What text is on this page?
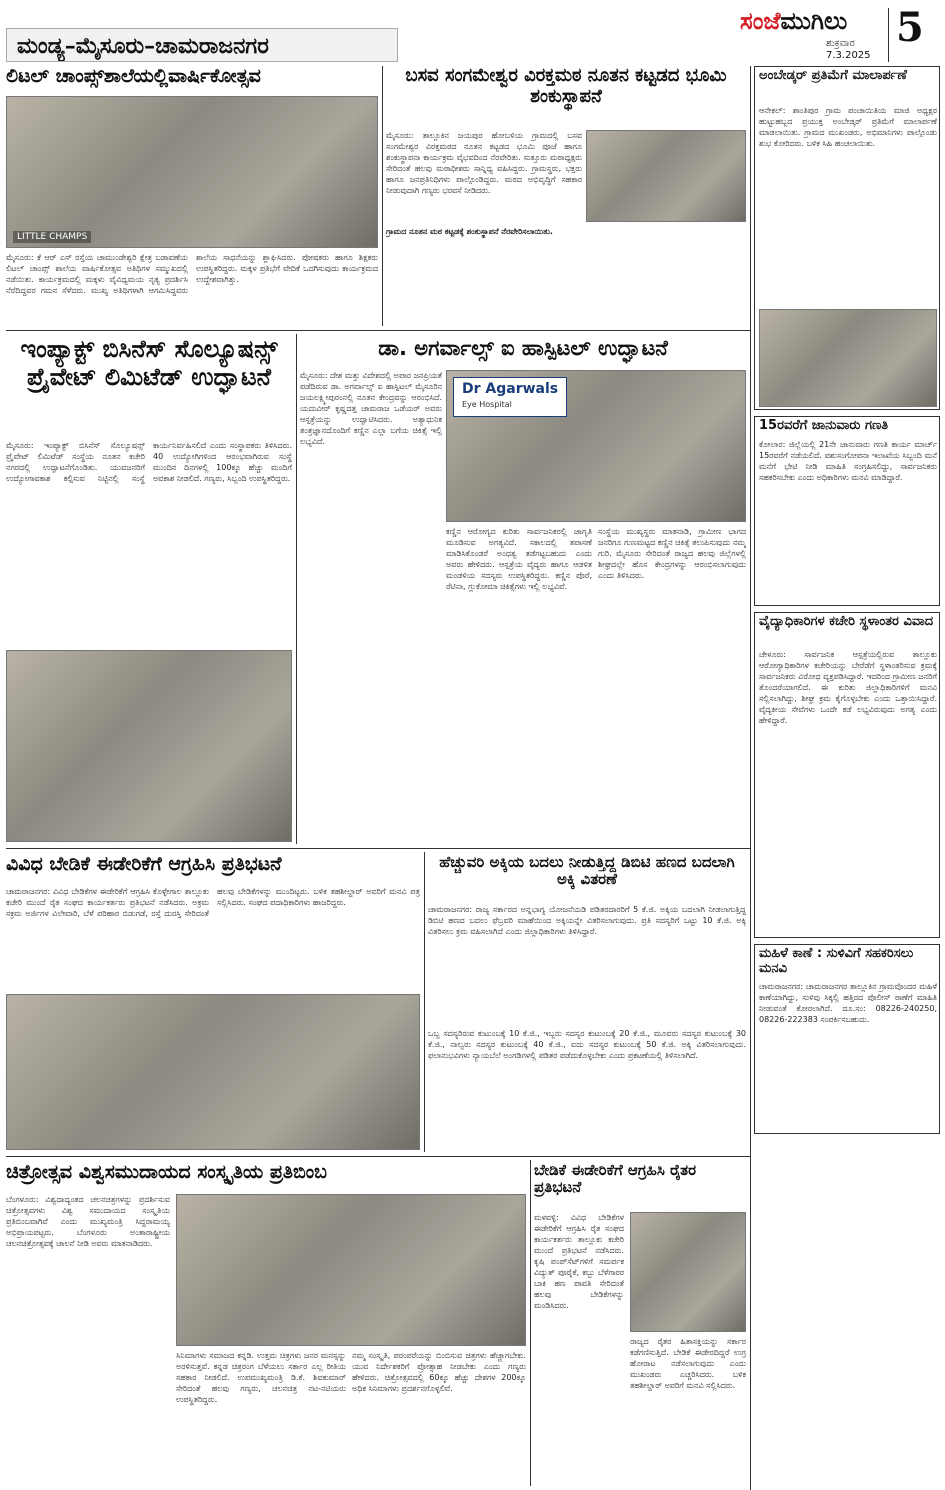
ಮಂಡ್ಯ–ಮೈಸೂರು–ಚಾಮರಾಜನಗರ
ಸಂಜೆಮುಗಿಲು
ಶುಕ್ರವಾರ
7.3.2025
5
ಲಿಟಲ್ ಚಾಂಪ್ಸ್‌ಶಾಲೆಯಲ್ಲಿವಾರ್ಷಿಕೋತ್ಸವ
LITTLE CHAMPS
ಮೈಸೂರು: ಕೆ ಆರ್ ಎಸ್ ರಸ್ತೆಯ ಚಾಮುಂಡೇಶ್ವರಿ ಕ್ಷೇತ್ರ ಬಡಾವಣೆಯ ಲಿಟಲ್ ಚಾಂಪ್ಸ್ ಶಾಲೆಯ ವಾರ್ಷಿಕೋತ್ಸವ ಅತಿಥಿಗಳ ಸಮ್ಮುಖದಲ್ಲಿ ನಡೆಯಿತು. ಕಾರ್ಯಕ್ರಮದಲ್ಲಿ ಮಕ್ಕಳು ವೈವಿಧ್ಯಮಯ ನೃತ್ಯ ಪ್ರದರ್ಶಿಸಿ ನೆರೆದಿದ್ದವರ ಗಮನ ಸೆಳೆದರು. ಮುಖ್ಯ ಅತಿಥಿಗಳಾಗಿ ಆಗಮಿಸಿದ್ದವರು ಶಾಲೆಯ ಸಾಧನೆಯನ್ನು ಶ್ಲಾಘಿಸಿದರು. ಪೋಷಕರು ಹಾಗೂ ಶಿಕ್ಷಕರು ಉಪಸ್ಥಿತರಿದ್ದರು. ಮಕ್ಕಳ ಪ್ರತಿಭೆಗೆ ವೇದಿಕೆ ಒದಗಿಸುವುದು ಕಾರ್ಯಕ್ರಮದ ಉದ್ದೇಶವಾಗಿತ್ತು.
ಬಸವ ಸಂಗಮೇಶ್ವರ ವಿರಕ್ತಮಠ ನೂತನ ಕಟ್ಟಡದ ಭೂಮಿ ಶಂಕುಸ್ಥಾಪನೆ
ಮೈಸೂರು: ತಾಲ್ಲೂಕಿನ ಜಯಪುರ ಹೋಬಳಿಯ ಗ್ರಾಮದಲ್ಲಿ ಬಸವ ಸಂಗಮೇಶ್ವರ ವಿರಕ್ತಮಠದ ನೂತನ ಕಟ್ಟಡದ ಭೂಮಿ ಪೂಜೆ ಹಾಗೂ ಶಂಕುಸ್ಥಾಪನಾ ಕಾರ್ಯಕ್ರಮ ವೈಭವದಿಂದ ನೆರವೇರಿತು. ಸುತ್ತೂರು ಮಠಾಧ್ಯಕ್ಷರು ಸೇರಿದಂತೆ ಹಲವು ಮಠಾಧೀಶರು ಸಾನ್ನಿಧ್ಯ ವಹಿಸಿದ್ದರು. ಗ್ರಾಮಸ್ಥರು, ಭಕ್ತರು ಹಾಗೂ ಜನಪ್ರತಿನಿಧಿಗಳು ಪಾಲ್ಗೊಂಡಿದ್ದರು. ಮಠದ ಅಭಿವೃದ್ಧಿಗೆ ಸಹಕಾರ ನೀಡುವುದಾಗಿ ಗಣ್ಯರು ಭರವಸೆ ನೀಡಿದರು.
ಗ್ರಾಮದ ನೂತನ ಮಠ ಕಟ್ಟಡಕ್ಕೆ ಶಂಕುಸ್ಥಾಪನೆ ನೆರವೇರಿಸಲಾಯಿತು.
ಅಂಬೇಡ್ಕರ್ ಪ್ರತಿಮೆಗೆ ಮಾಲಾರ್ಪಣೆ
ಆನೇಕಲ್: ಶಾಂತಿಪುರ ಗ್ರಾಮ ಪಂಚಾಯಿತಿಯ ಮಾಜಿ ಅಧ್ಯಕ್ಷರ ಹುಟ್ಟುಹಬ್ಬದ ಪ್ರಯುಕ್ತ ಅಂಬೇಡ್ಕರ್ ಪ್ರತಿಮೆಗೆ ಮಾಲಾರ್ಪಣೆ ಮಾಡಲಾಯಿತು. ಗ್ರಾಮದ ಮುಖಂಡರು, ಅಭಿಮಾನಿಗಳು ಪಾಲ್ಗೊಂಡು ಶುಭ ಕೋರಿದರು. ಬಳಿಕ ಸಿಹಿ ಹಂಚಲಾಯಿತು.
15ರವರೆಗೆ ಜಾನುವಾರು ಗಣತಿ
ಕೋಲಾರ: ಜಿಲ್ಲೆಯಲ್ಲಿ 21ನೇ ಜಾನುವಾರು ಗಣತಿ ಕಾರ್ಯ ಮಾರ್ಚ್ 15ರವರೆಗೆ ನಡೆಯಲಿದೆ. ಪಶುಸಂಗೋಪನಾ ಇಲಾಖೆಯ ಸಿಬ್ಬಂದಿ ಮನೆ ಮನೆಗೆ ಭೇಟಿ ನೀಡಿ ಮಾಹಿತಿ ಸಂಗ್ರಹಿಸಲಿದ್ದು, ಸಾರ್ವಜನಿಕರು ಸಹಕರಿಸಬೇಕು ಎಂದು ಅಧಿಕಾರಿಗಳು ಮನವಿ ಮಾಡಿದ್ದಾರೆ.
ವೈದ್ಯಾಧಿಕಾರಿಗಳ ಕಚೇರಿ ಸ್ಥಳಾಂತರ ವಿವಾದ
ಚೇಳೂರು: ಸಾರ್ವಜನಿಕ ಆಸ್ಪತ್ರೆಯಲ್ಲಿರುವ ತಾಲ್ಲೂಕು ಆರೋಗ್ಯಾಧಿಕಾರಿಗಳ ಕಚೇರಿಯನ್ನು ಬೇರೆಡೆಗೆ ಸ್ಥಳಾಂತರಿಸುವ ಕ್ರಮಕ್ಕೆ ಸಾರ್ವಜನಿಕರು ವಿರೋಧ ವ್ಯಕ್ತಪಡಿಸಿದ್ದಾರೆ. ಇದರಿಂದ ಗ್ರಾಮೀಣ ಜನರಿಗೆ ತೊಂದರೆಯಾಗಲಿದೆ. ಈ ಕುರಿತು ಜಿಲ್ಲಾಧಿಕಾರಿಗಳಿಗೆ ಮನವಿ ಸಲ್ಲಿಸಲಾಗಿದ್ದು, ಶೀಘ್ರ ಕ್ರಮ ಕೈಗೊಳ್ಳಬೇಕು ಎಂದು ಒತ್ತಾಯಿಸಿದ್ದಾರೆ. ವೈದ್ಯಕೀಯ ಸೇವೆಗಳು ಒಂದೇ ಕಡೆ ಲಭ್ಯವಿರುವುದು ಅಗತ್ಯ ಎಂದು ಹೇಳಿದ್ದಾರೆ.
ಮಹಿಳೆ ಕಾಣೆ : ಸುಳಿವಿಗೆ ಸಹಕರಿಸಲು ಮನವಿ
ಚಾಮರಾಜನಗರ: ಚಾಮರಾಜನಗರ ತಾಲ್ಲೂಕಿನ ಗ್ರಾಮವೊಂದರ ಮಹಿಳೆ ಕಾಣೆಯಾಗಿದ್ದು, ಸುಳಿವು ಸಿಕ್ಕಲ್ಲಿ ಹತ್ತಿರದ ಪೊಲೀಸ್ ಠಾಣೆಗೆ ಮಾಹಿತಿ ನೀಡುವಂತೆ ಕೋರಲಾಗಿದೆ. ದೂ.ಸಂ: 08226-240250, 08226-222383 ಸಂಪರ್ಕಿಸಬಹುದು.
ಇಂಪ್ಯಾಕ್ಟ್ ಬಿಸಿನೆಸ್ ಸೊಲ್ಯೂಷನ್ಸ್ ಪ್ರೈವೇಟ್ ಲಿಮಿಟೆಡ್ ಉದ್ಘಾಟನೆ
ಮೈಸೂರು: ಇಂಪ್ಯಾಕ್ಟ್ ಬಿಸಿನೆಸ್ ಸೊಲ್ಯೂಷನ್ಸ್ ಪ್ರೈವೇಟ್ ಲಿಮಿಟೆಡ್ ಸಂಸ್ಥೆಯ ನೂತನ ಕಚೇರಿ ನಗರದಲ್ಲಿ ಉದ್ಘಾಟನೆಗೊಂಡಿತು. ಯುವಜನರಿಗೆ ಉದ್ಯೋಗಾವಕಾಶ ಕಲ್ಪಿಸುವ ನಿಟ್ಟಿನಲ್ಲಿ ಸಂಸ್ಥೆ ಕಾರ್ಯನಿರ್ವಹಿಸಲಿದೆ ಎಂದು ಸಂಸ್ಥಾಪಕರು ತಿಳಿಸಿದರು. 40 ಉದ್ಯೋಗಿಗಳಿಂದ ಆರಂಭವಾಗಿರುವ ಸಂಸ್ಥೆ ಮುಂದಿನ ದಿನಗಳಲ್ಲಿ 100ಕ್ಕೂ ಹೆಚ್ಚು ಮಂದಿಗೆ ಅವಕಾಶ ನೀಡಲಿದೆ. ಗಣ್ಯರು, ಸಿಬ್ಬಂದಿ ಉಪಸ್ಥಿತರಿದ್ದರು.
ಡಾ. ಅಗರ್ವಾಲ್ಸ್ ಐ ಹಾಸ್ಪಿಟಲ್ ಉದ್ಘಾಟನೆ
ಮೈಸೂರು: ದೇಶ ಮತ್ತು ವಿದೇಶದಲ್ಲಿ ಅಪಾರ ಜನಪ್ರಿಯತೆ ಪಡೆದಿರುವ ಡಾ. ಅಗರ್ವಾಲ್ಸ್ ಐ ಹಾಸ್ಪಿಟಲ್ ಮೈಸೂರಿನ ಜಯಲಕ್ಷ್ಮೀಪುರಂನಲ್ಲಿ ನೂತನ ಕೇಂದ್ರವನ್ನು ಆರಂಭಿಸಿದೆ. ಯದುವೀರ್ ಕೃಷ್ಣದತ್ತ ಚಾಮರಾಜ ಒಡೆಯರ್ ಅವರು ಆಸ್ಪತ್ರೆಯನ್ನು ಉದ್ಘಾಟಿಸಿದರು. ಅತ್ಯಾಧುನಿಕ ತಂತ್ರಜ್ಞಾನದೊಂದಿಗೆ ಕಣ್ಣಿನ ಎಲ್ಲಾ ಬಗೆಯ ಚಿಕಿತ್ಸೆ ಇಲ್ಲಿ ಲಭ್ಯವಿದೆ.
Dr Agarwals
Eye Hospital
ಕಣ್ಣಿನ ಆರೋಗ್ಯದ ಕುರಿತು ಸಾರ್ವಜನಿಕರಲ್ಲಿ ಜಾಗೃತಿ ಮೂಡಿಸುವ ಅಗತ್ಯವಿದೆ. ಸಕಾಲದಲ್ಲಿ ತಪಾಸಣೆ ಮಾಡಿಸಿಕೊಂಡರೆ ಅಂಧತ್ವ ತಡೆಗಟ್ಟಬಹುದು ಎಂದು ಅವರು ಹೇಳಿದರು. ಆಸ್ಪತ್ರೆಯ ವೈದ್ಯರು ಹಾಗೂ ಆಡಳಿತ ಮಂಡಳಿಯ ಸದಸ್ಯರು ಉಪಸ್ಥಿತರಿದ್ದರು. ಕಣ್ಣಿನ ಪೊರೆ, ರೆಟಿನಾ, ಗ್ಲುಕೋಮಾ ಚಿಕಿತ್ಸೆಗಳು ಇಲ್ಲಿ ಲಭ್ಯವಿವೆ.
ಸಂಸ್ಥೆಯ ಮುಖ್ಯಸ್ಥರು ಮಾತನಾಡಿ, ಗ್ರಾಮೀಣ ಭಾಗದ ಜನರಿಗೂ ಗುಣಮಟ್ಟದ ಕಣ್ಣಿನ ಚಿಕಿತ್ಸೆ ತಲುಪಿಸುವುದು ನಮ್ಮ ಗುರಿ. ಮೈಸೂರು ಸೇರಿದಂತೆ ರಾಜ್ಯದ ಹಲವು ಜಿಲ್ಲೆಗಳಲ್ಲಿ ಶೀಘ್ರದಲ್ಲೇ ಹೊಸ ಕೇಂದ್ರಗಳನ್ನು ಆರಂಭಿಸಲಾಗುವುದು ಎಂದು ತಿಳಿಸಿದರು.
ವಿವಿಧ ಬೇಡಿಕೆ ಈಡೇರಿಕೆಗೆ ಆಗ್ರಹಿಸಿ ಪ್ರತಿಭಟನೆ
ಚಾಮರಾಜನಗರ: ವಿವಿಧ ಬೇಡಿಕೆಗಳ ಈಡೇರಿಕೆಗೆ ಆಗ್ರಹಿಸಿ ಕೊಳ್ಳೇಗಾಲ ತಾಲ್ಲೂಕು ಕಚೇರಿ ಮುಂದೆ ರೈತ ಸಂಘದ ಕಾರ್ಯಕರ್ತರು ಪ್ರತಿಭಟನೆ ನಡೆಸಿದರು. ಅಕ್ರಮ ಸಕ್ರಮ ಅರ್ಜಿಗಳ ವಿಲೇವಾರಿ, ಬೆಳೆ ಪರಿಹಾರ ಬಿಡುಗಡೆ, ರಸ್ತೆ ದುರಸ್ತಿ ಸೇರಿದಂತೆ ಹಲವು ಬೇಡಿಕೆಗಳನ್ನು ಮುಂದಿಟ್ಟರು. ಬಳಿಕ ತಹಶೀಲ್ದಾರ್ ಅವರಿಗೆ ಮನವಿ ಪತ್ರ ಸಲ್ಲಿಸಿದರು. ಸಂಘದ ಪದಾಧಿಕಾರಿಗಳು ಹಾಜರಿದ್ದರು.
ಹೆಚ್ಚುವರಿ ಅಕ್ಕಿಯ ಬದಲು ನೀಡುತ್ತಿದ್ದ ಡಿಬಿಟಿ ಹಣದ ಬದಲಾಗಿ ಅಕ್ಕಿ ವಿತರಣೆ
ಚಾಮರಾಜನಗರ: ರಾಜ್ಯ ಸರ್ಕಾರದ ಅನ್ನಭಾಗ್ಯ ಯೋಜನೆಯಡಿ ಪಡಿತರದಾರರಿಗೆ 5 ಕೆ.ಜಿ. ಅಕ್ಕಿಯ ಬದಲಾಗಿ ನೀಡಲಾಗುತ್ತಿದ್ದ ಡಿಬಿಟಿ ಹಣದ ಬದಲು ಫೆಬ್ರವರಿ ಮಾಹೆಯಿಂದ ಅಕ್ಕಿಯನ್ನೇ ವಿತರಿಸಲಾಗುವುದು. ಪ್ರತಿ ಸದಸ್ಯರಿಗೆ ಒಟ್ಟು 10 ಕೆ.ಜಿ. ಅಕ್ಕಿ ವಿತರಿಸಲು ಕ್ರಮ ವಹಿಸಲಾಗಿದೆ ಎಂದು ಜಿಲ್ಲಾಧಿಕಾರಿಗಳು ತಿಳಿಸಿದ್ದಾರೆ.
ಒಬ್ಬ ಸದಸ್ಯರಿರುವ ಕುಟುಂಬಕ್ಕೆ 10 ಕೆ.ಜಿ., ಇಬ್ಬರು ಸದಸ್ಯರ ಕುಟುಂಬಕ್ಕೆ 20 ಕೆ.ಜಿ., ಮೂವರು ಸದಸ್ಯರ ಕುಟುಂಬಕ್ಕೆ 30 ಕೆ.ಜಿ., ನಾಲ್ವರು ಸದಸ್ಯರ ಕುಟುಂಬಕ್ಕೆ 40 ಕೆ.ಜಿ., ಐದು ಸದಸ್ಯರ ಕುಟುಂಬಕ್ಕೆ 50 ಕೆ.ಜಿ. ಅಕ್ಕಿ ವಿತರಿಸಲಾಗುವುದು. ಫಲಾನುಭವಿಗಳು ನ್ಯಾಯಬೆಲೆ ಅಂಗಡಿಗಳಲ್ಲಿ ಪಡಿತರ ಪಡೆದುಕೊಳ್ಳಬೇಕು ಎಂದು ಪ್ರಕಟಣೆಯಲ್ಲಿ ತಿಳಿಸಲಾಗಿದೆ.
ಚಿತ್ರೋತ್ಸವ ವಿಶ್ವಸಮುದಾಯದ ಸಂಸ್ಕೃತಿಯ ಪ್ರತಿಬಿಂಬ
ಬೆಂಗಳೂರು: ವಿಶ್ವದಾದ್ಯಂತದ ಚಲನಚಿತ್ರಗಳನ್ನು ಪ್ರದರ್ಶಿಸುವ ಚಿತ್ರೋತ್ಸವಗಳು ವಿಶ್ವ ಸಮುದಾಯದ ಸಂಸ್ಕೃತಿಯ ಪ್ರತಿಬಿಂಬವಾಗಿವೆ ಎಂದು ಮುಖ್ಯಮಂತ್ರಿ ಸಿದ್ದರಾಮಯ್ಯ ಅಭಿಪ್ರಾಯಪಟ್ಟರು. ಬೆಂಗಳೂರು ಅಂತಾರಾಷ್ಟ್ರೀಯ ಚಲನಚಿತ್ರೋತ್ಸವಕ್ಕೆ ಚಾಲನೆ ನೀಡಿ ಅವರು ಮಾತನಾಡಿದರು.
ಸಿನಿಮಾಗಳು ಸಮಾಜದ ಕನ್ನಡಿ. ಉತ್ತಮ ಚಿತ್ರಗಳು ಜನರ ಮನಸ್ಸನ್ನು ಅರಳಿಸುತ್ತವೆ. ಕನ್ನಡ ಚಿತ್ರರಂಗ ಬೆಳೆಯಲು ಸರ್ಕಾರ ಎಲ್ಲ ರೀತಿಯ ಸಹಕಾರ ನೀಡಲಿದೆ. ಉಪಮುಖ್ಯಮಂತ್ರಿ ಡಿ.ಕೆ. ಶಿವಕುಮಾರ್ ಸೇರಿದಂತೆ ಹಲವು ಗಣ್ಯರು, ಚಲನಚಿತ್ರ ನಟ-ನಟಿಯರು ಉಪಸ್ಥಿತರಿದ್ದರು.
ನಮ್ಮ ಸಂಸ್ಕೃತಿ, ಪರಂಪರೆಯನ್ನು ಬಿಂಬಿಸುವ ಚಿತ್ರಗಳು ಹೆಚ್ಚಾಗಬೇಕು. ಯುವ ನಿರ್ದೇಶಕರಿಗೆ ಪ್ರೋತ್ಸಾಹ ನೀಡಬೇಕು ಎಂದು ಗಣ್ಯರು ಹೇಳಿದರು. ಚಿತ್ರೋತ್ಸವದಲ್ಲಿ 60ಕ್ಕೂ ಹೆಚ್ಚು ದೇಶಗಳ 200ಕ್ಕೂ ಅಧಿಕ ಸಿನಿಮಾಗಳು ಪ್ರದರ್ಶನಗೊಳ್ಳಲಿವೆ.
ಬೇಡಿಕೆ ಈಡೇರಿಕೆಗೆ ಆಗ್ರಹಿಸಿ ರೈತರ ಪ್ರತಿಭಟನೆ
ಮಳವಳ್ಳಿ: ವಿವಿಧ ಬೇಡಿಕೆಗಳ ಈಡೇರಿಕೆಗೆ ಆಗ್ರಹಿಸಿ ರೈತ ಸಂಘದ ಕಾರ್ಯಕರ್ತರು ತಾಲ್ಲೂಕು ಕಚೇರಿ ಮುಂದೆ ಪ್ರತಿಭಟನೆ ನಡೆಸಿದರು. ಕೃಷಿ ಪಂಪ್‌ಸೆಟ್‌ಗಳಿಗೆ ಸಮರ್ಪಕ ವಿದ್ಯುತ್ ಪೂರೈಕೆ, ಕಬ್ಬು ಬೆಳೆಗಾರರ ಬಾಕಿ ಹಣ ಪಾವತಿ ಸೇರಿದಂತೆ ಹಲವು ಬೇಡಿಕೆಗಳನ್ನು ಮಂಡಿಸಿದರು.
ರಾಜ್ಯದ ರೈತರ ಹಿತಾಸಕ್ತಿಯನ್ನು ಸರ್ಕಾರ ಕಡೆಗಣಿಸುತ್ತಿದೆ. ಬೇಡಿಕೆ ಈಡೇರದಿದ್ದರೆ ಉಗ್ರ ಹೋರಾಟ ನಡೆಸಲಾಗುವುದು ಎಂದು ಮುಖಂಡರು ಎಚ್ಚರಿಸಿದರು. ಬಳಿಕ ತಹಶೀಲ್ದಾರ್ ಅವರಿಗೆ ಮನವಿ ಸಲ್ಲಿಸಿದರು.
